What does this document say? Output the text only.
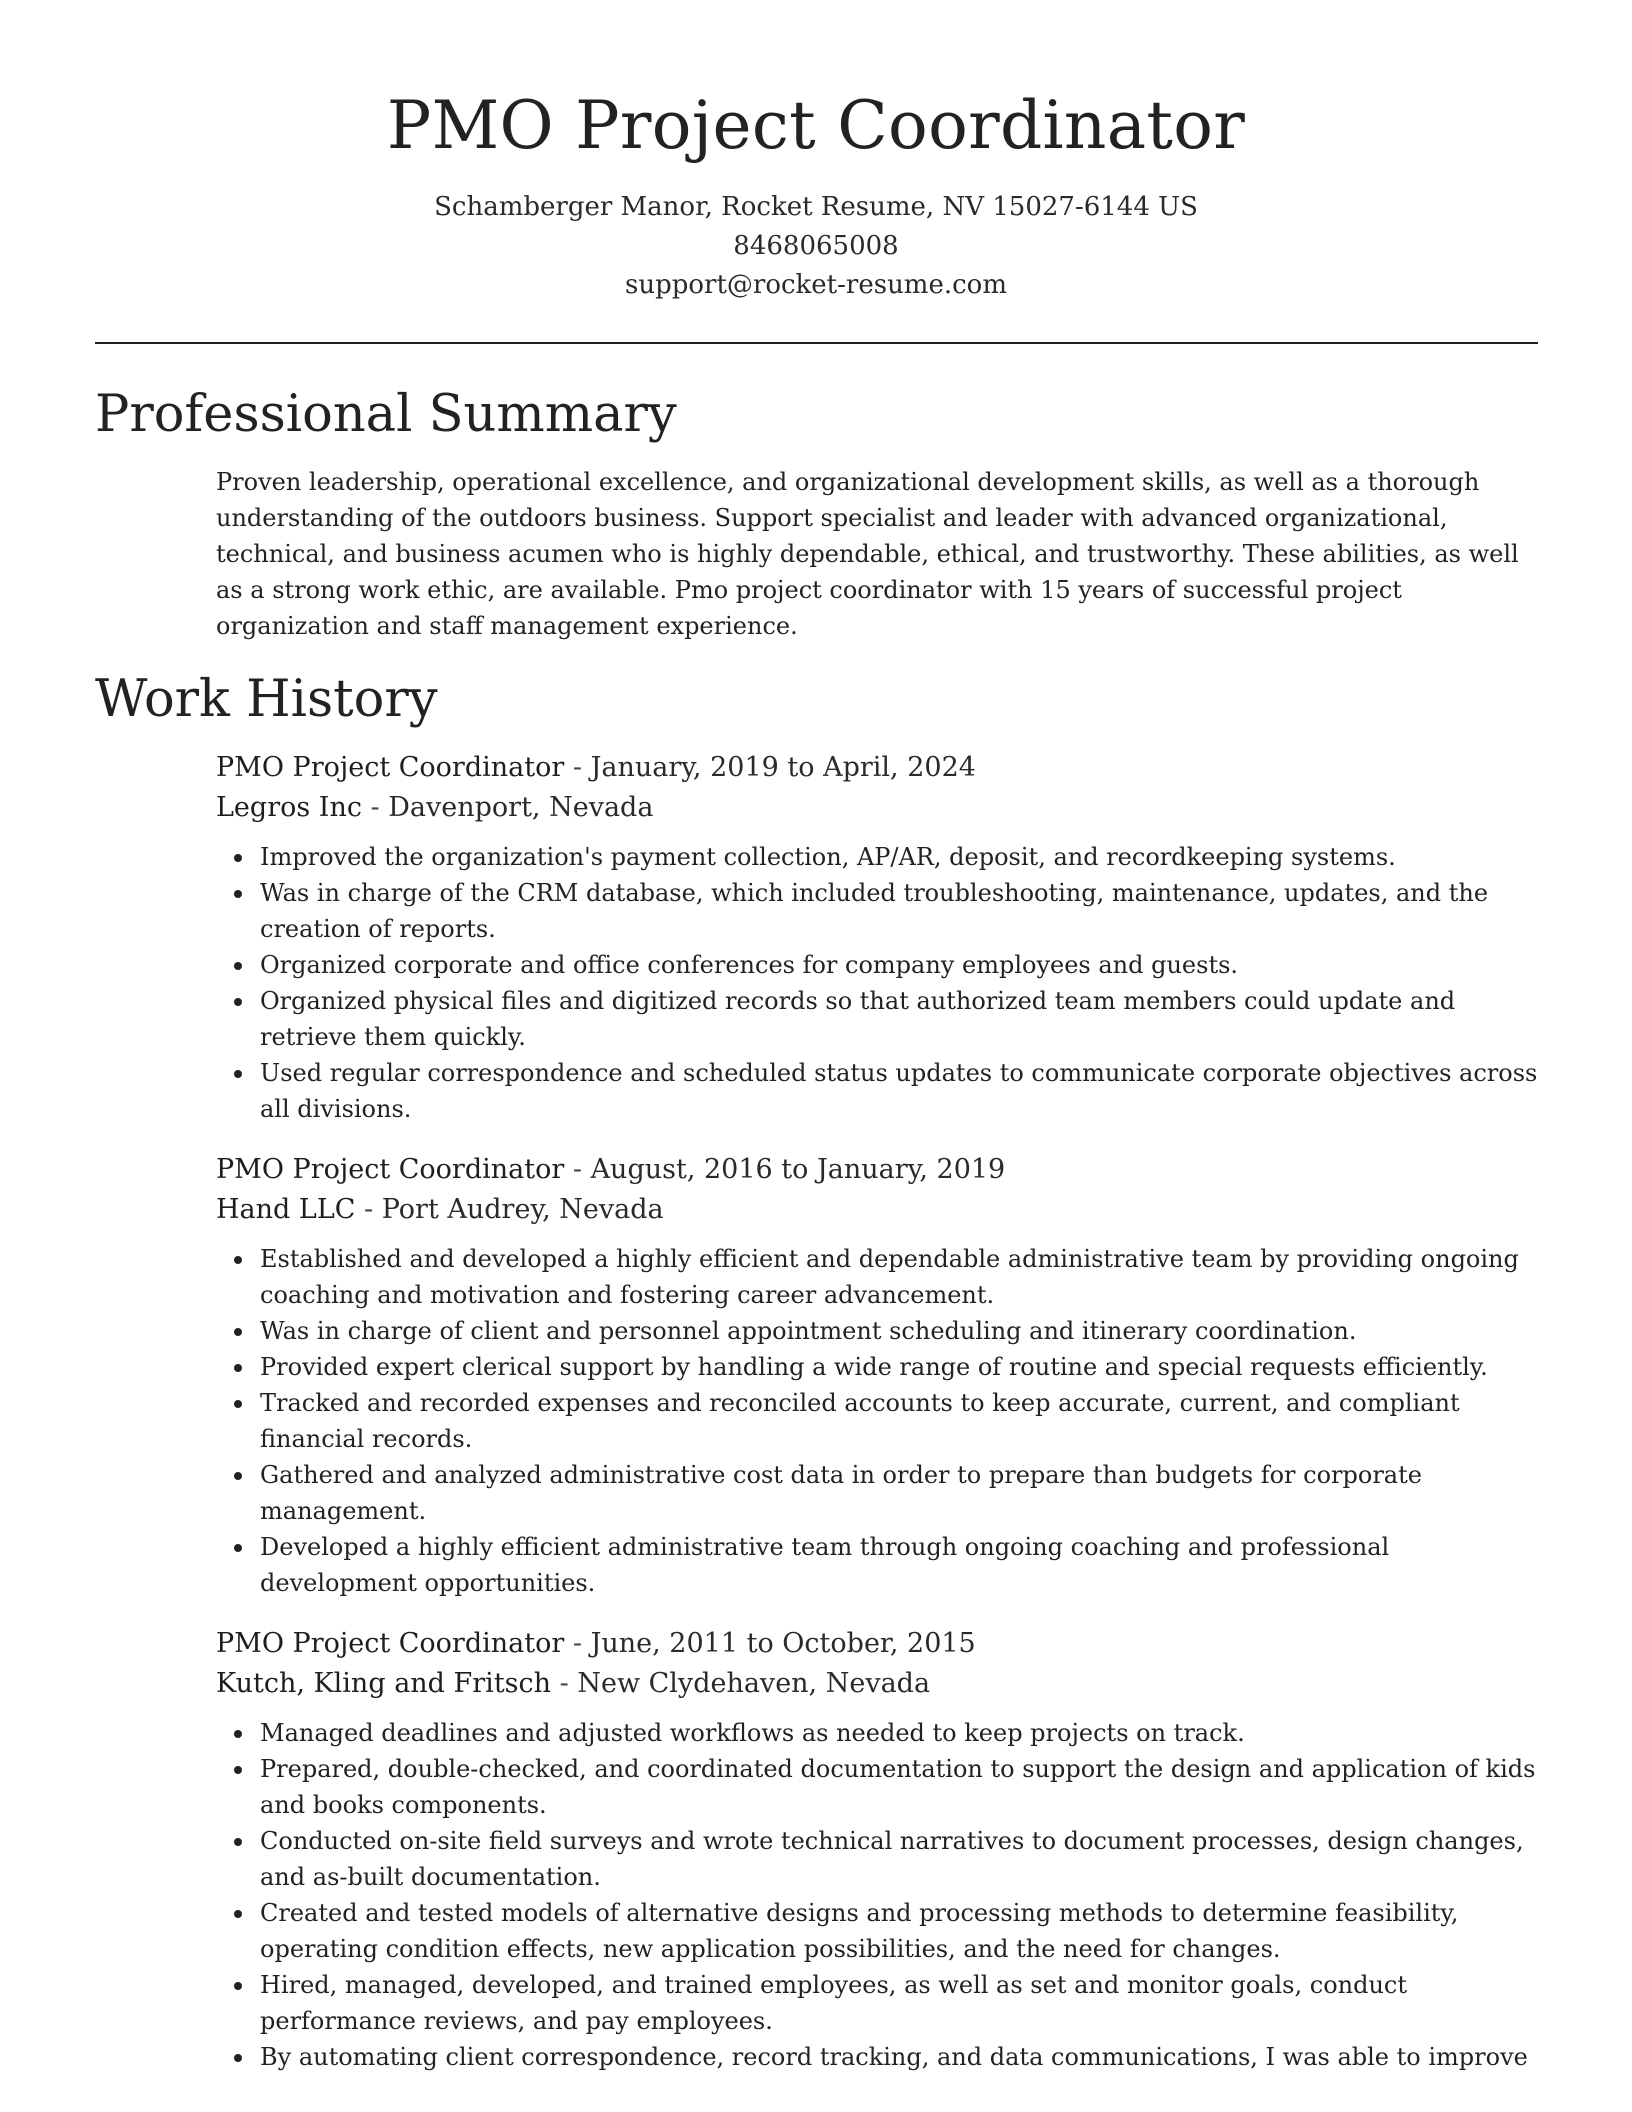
PMO Project Coordinator
Schamberger Manor, Rocket Resume, NV 15027-6144 US
8468065008
support@rocket-resume.com
Professional Summary

Proven leadership, operational excellence, and organizational development skills, as well as a thorough understanding of the outdoors business. Support specialist and leader with advanced organizational, technical, and business acumen who is highly dependable, ethical, and trustworthy. These abilities, as well as a strong work ethic, are available. Pmo project coordinator with 15 years of successful project organization and staff management experience.

Work History
PMO Project Coordinator - January, 2019 to April, 2024
Legros Inc - Davenport, Nevada
Improved the organization's payment collection, AP/AR, deposit, and recordkeeping systems.
Was in charge of the CRM database, which included troubleshooting, maintenance, updates, and the creation of reports.
Organized corporate and office conferences for company employees and guests.
Organized physical files and digitized records so that authorized team members could update and retrieve them quickly.
Used regular correspondence and scheduled status updates to communicate corporate objectives across all divisions.
PMO Project Coordinator - August, 2016 to January, 2019
Hand LLC - Port Audrey, Nevada
Established and developed a highly efficient and dependable administrative team by providing ongoing coaching and motivation and fostering career advancement.
Was in charge of client and personnel appointment scheduling and itinerary coordination.
Provided expert clerical support by handling a wide range of routine and special requests efficiently.
Tracked and recorded expenses and reconciled accounts to keep accurate, current, and compliant financial records.
Gathered and analyzed administrative cost data in order to prepare than budgets for corporate management.
Developed a highly efficient administrative team through ongoing coaching and professional development opportunities.
PMO Project Coordinator - June, 2011 to October, 2015
Kutch, Kling and Fritsch - New Clydehaven, Nevada
Managed deadlines and adjusted workflows as needed to keep projects on track.
Prepared, double-checked, and coordinated documentation to support the design and application of kids and books components.
Conducted on-site field surveys and wrote technical narratives to document processes, design changes, and as-built documentation.
Created and tested models of alternative designs and processing methods to determine feasibility, operating condition effects, new application possibilities, and the need for changes.
Hired, managed, developed, and trained employees, as well as set and monitor goals, conduct performance reviews, and pay employees.
By automating client correspondence, record tracking, and data communications, I was able to improve
